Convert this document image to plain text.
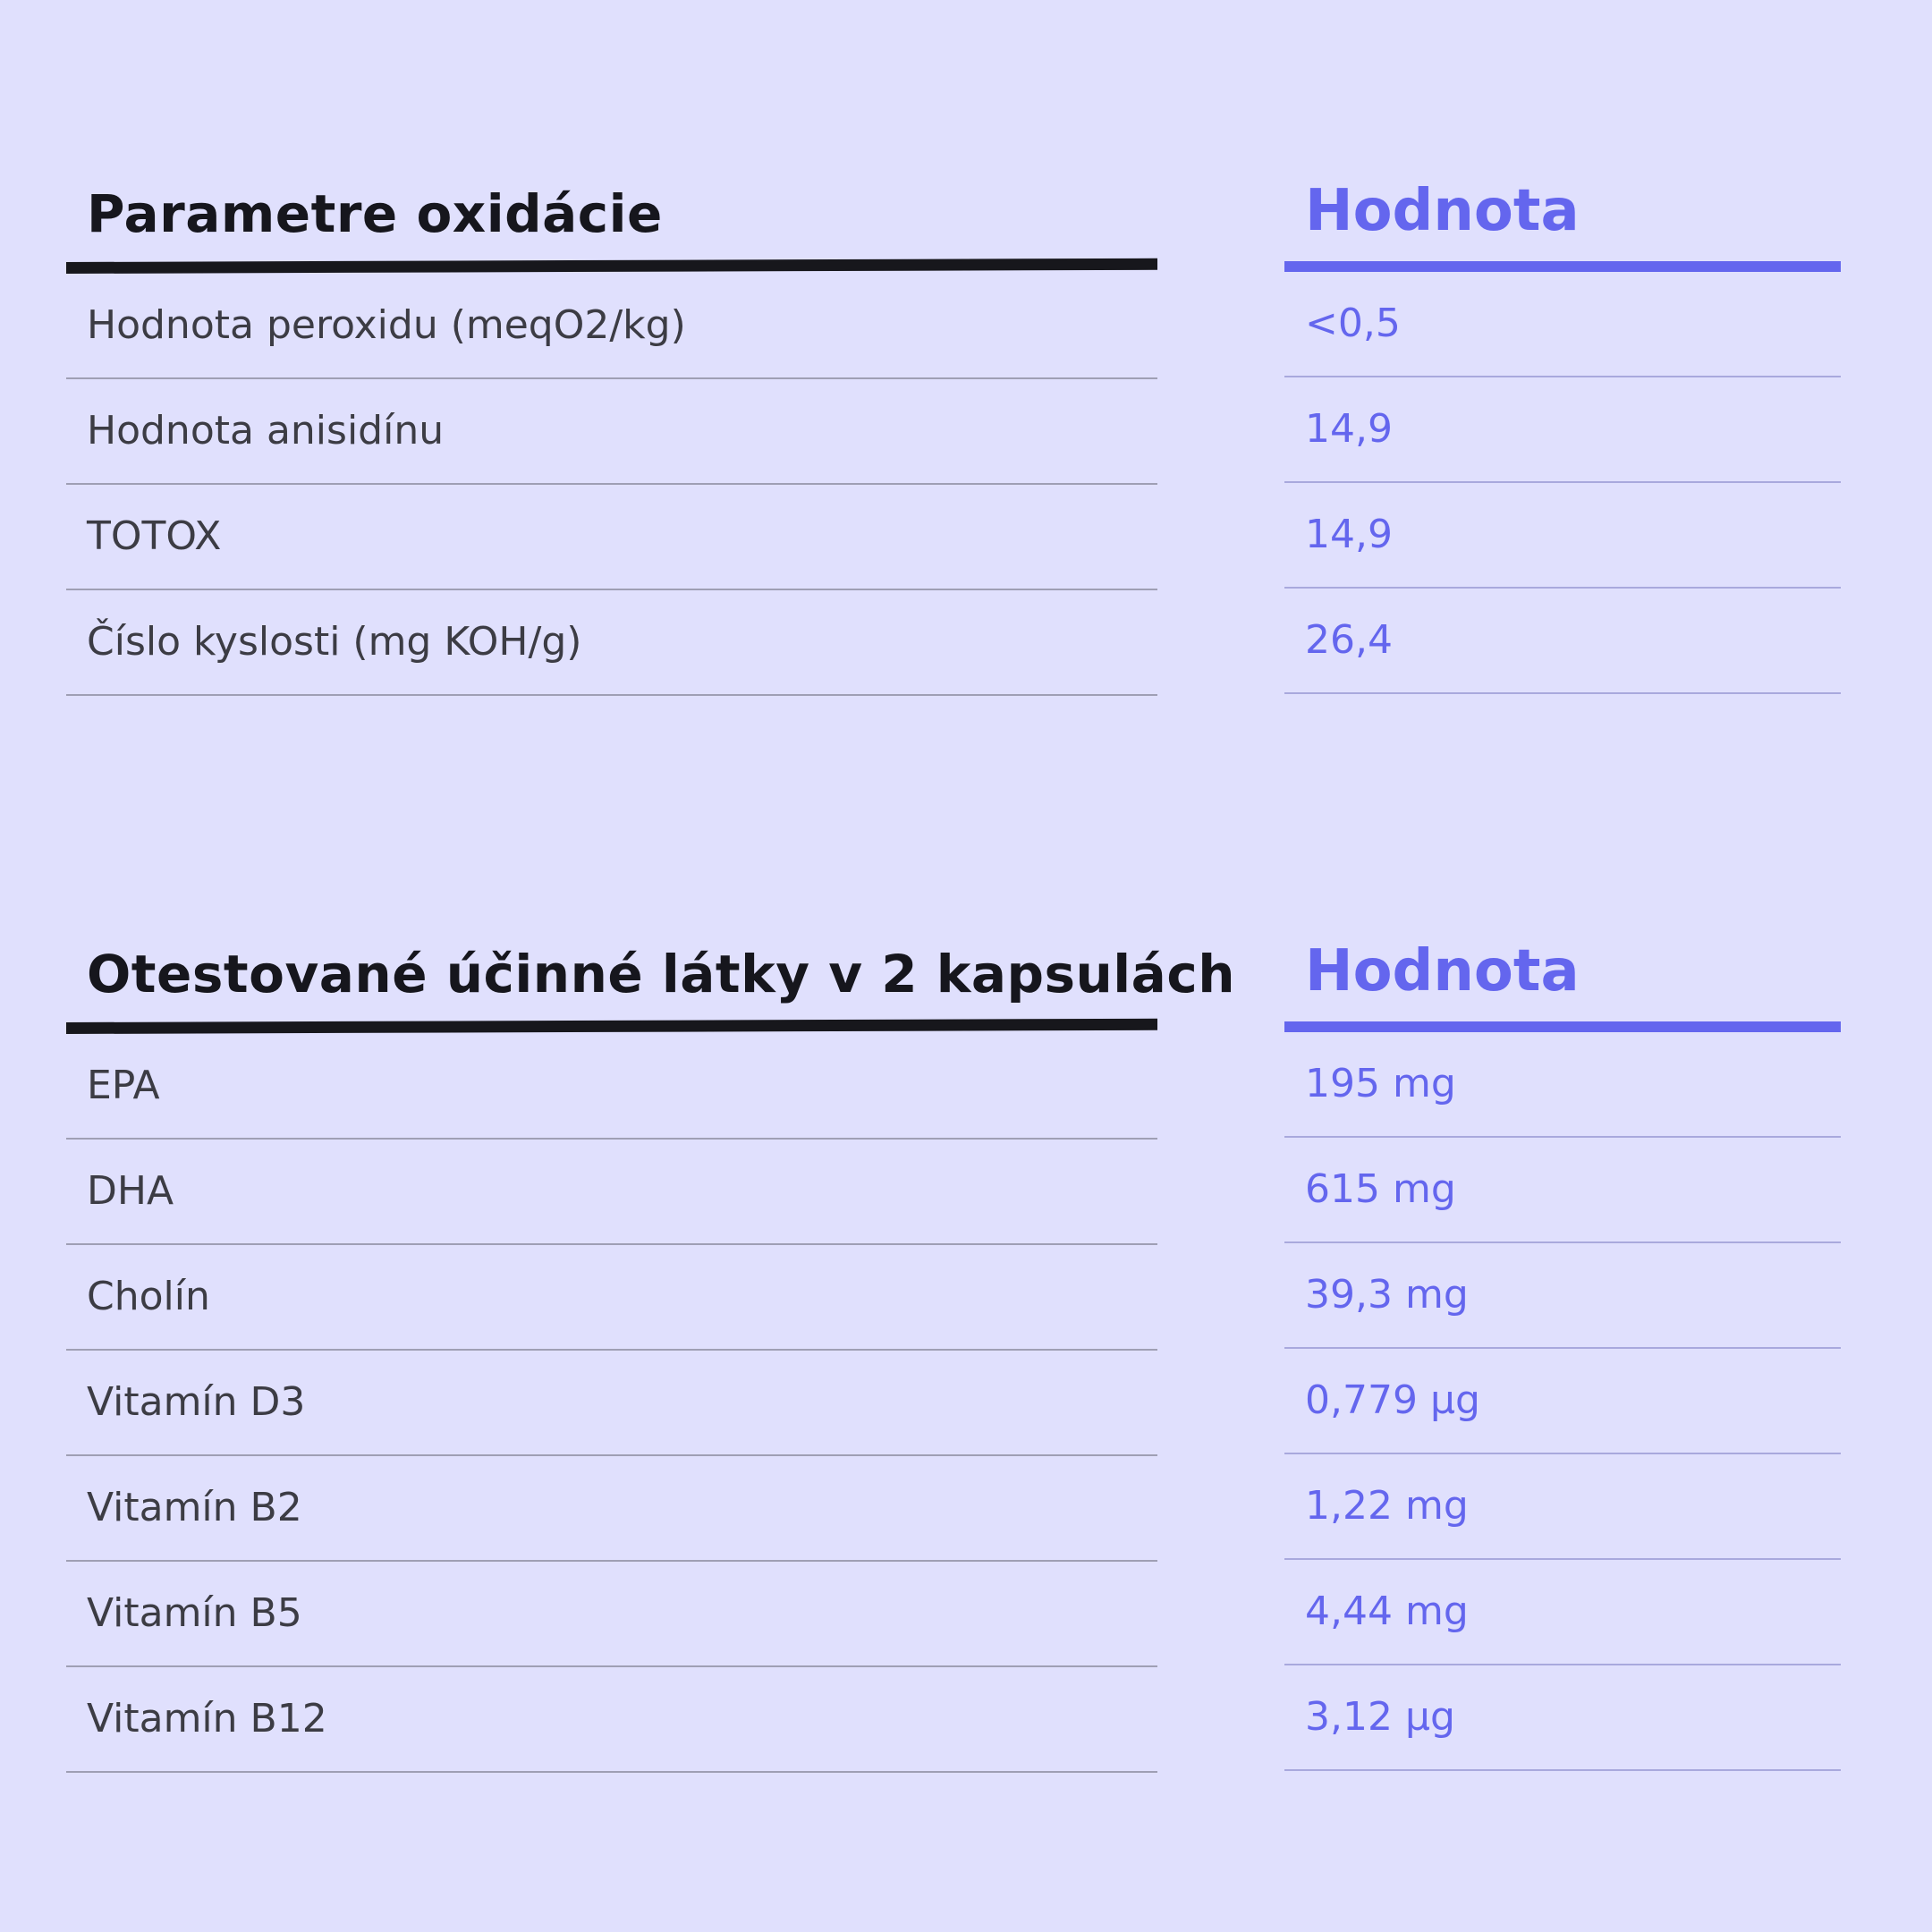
Parametre oxidácie
Hodnota peroxidu (meqO2/kg)
Hodnota anisidínu
TOTOX
Číslo kyslosti (mg KOH/g)
Hodnota
<0,5
14,9
14,9
26,4
Otestované účinné látky v 2 kapsulách
EPA
DHA
Cholín
Vitamín D3
Vitamín B2
Vitamín B5
Vitamín B12
Hodnota
195 mg
615 mg
39,3 mg
0,779 µg
1,22 mg
4,44 mg
3,12 µg
